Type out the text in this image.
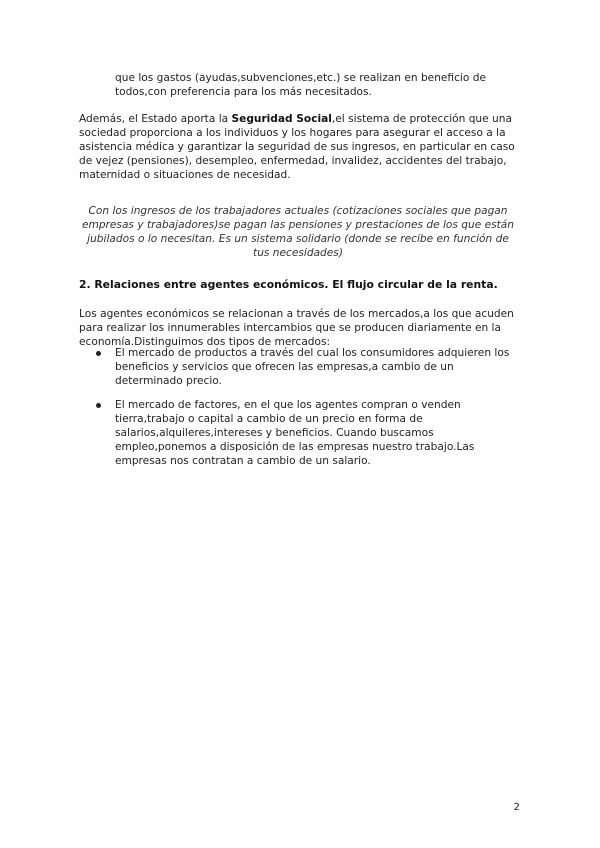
que los gastos (ayudas,subvenciones,etc.) se realizan en beneficio de todos,con preferencia para los más necesitados.
Además, el Estado aporta la Seguridad Social,el sistema de protección que una sociedad proporciona a los individuos y los hogares para asegurar el acceso a la asistencia médica y garantizar la seguridad de sus ingresos, en particular en caso de vejez (pensiones), desempleo, enfermedad, invalidez, accidentes del trabajo, maternidad o situaciones de necesidad.
Con los ingresos de los trabajadores actuales (cotizaciones sociales que pagan empresas y trabajadores)se pagan las pensiones y prestaciones de los que están jubilados o lo necesitan. Es un sistema solidario (donde se recibe en función de tus necesidades)
2. Relaciones entre agentes económicos. El flujo circular de la renta.
Los agentes económicos se relacionan a través de los mercados,a los que acuden para realizar los innumerables intercambios que se producen diariamente en la economía.Distinguimos dos tipos de mercados:
El mercado de productos a través del cual los consumidores adquieren los beneficios y servicios que ofrecen las empresas,a cambio de un determinado precio.
El mercado de factores, en el que los agentes compran o venden tierra,trabajo o capital a cambio de un precio en forma de salarios,alquileres,intereses y beneficios. Cuando buscamos empleo,ponemos a disposición de las empresas nuestro trabajo.Las empresas nos contratan a cambio de un salario.
2
